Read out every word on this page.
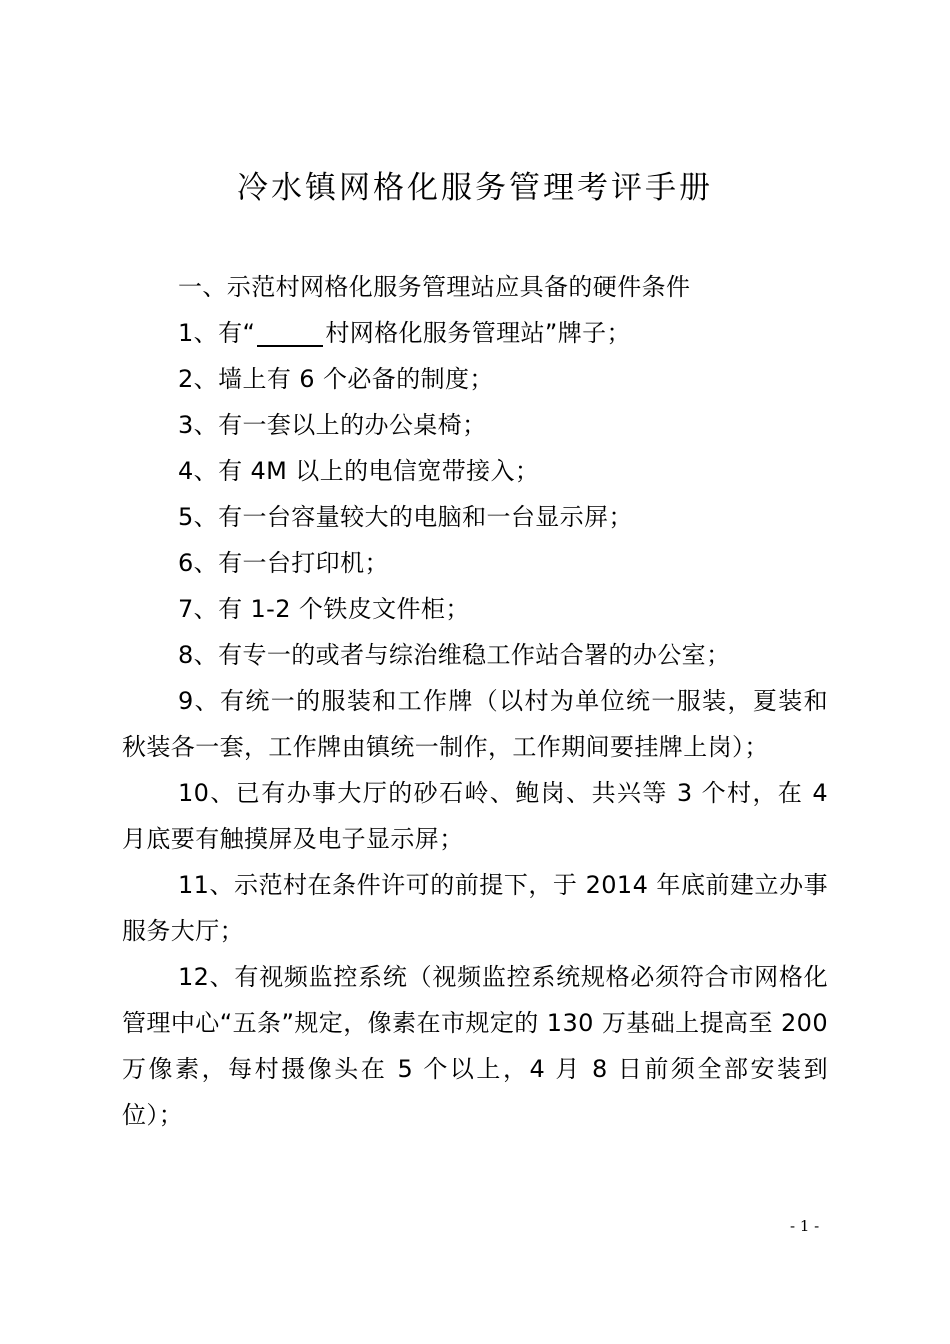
冷水镇网格化服务管理考评手册

一、示范村网格化服务管理站应具备的硬件条件

1、有“	村网格化服务管理站”牌子；

2、墙上有 6 个必备的制度；

3、有一套以上的办公桌椅；

4、有 4M 以上的电信宽带接入；

5、有一台容量较大的电脑和一台显示屏；

6、有一台打印机；

7、有 1-2 个铁皮文件柜；

8、有专一的或者与综治维稳工作站合署的办公室；

9、有统一的服装和工作牌（以村为单位统一服装，夏装和秋装各一套，工作牌由镇统一制作，工作期间要挂牌上岗）；

10、已有办事大厅的砂石岭、鲍岗、共兴等 3 个村，在 4 月底要有触摸屏及电子显示屏；

11、示范村在条件许可的前提下，于 2014 年底前建立办事服务大厅；

12、有视频监控系统（视频监控系统规格必须符合市网格化管理中心“五条”规定，像素在市规定的 130 万基础上提高至 200 万像素，每村摄像头在 5 个以上，4 月 8 日前须全部安装到位）；

- 1 -
